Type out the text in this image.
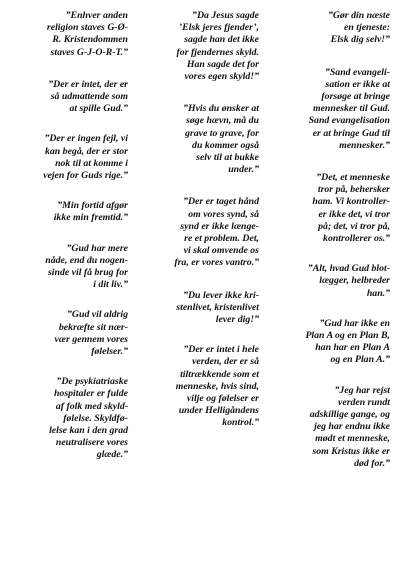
”Enhver anden
religion staves G-Ø-
R. Kristendommen
staves G-J-O-R-T.”

”Der er intet, der er
så udmattende som
at spille Gud.”

”Der er ingen fejl, vi
kan begå, der er stor
nok til at komme i
vejen for Guds rige.”

”Min fortid afgør
ikke min fremtid.”

”Gud har mere
nåde, end du nogen-
sinde vil få brug for
i dit liv.”

”Gud vil aldrig
bekræfte sit nær-
vær gennem vores
følelser.”

”De psykiatriaske
hospitaler er fulde
af folk med skyld-
følelse. Skyldfø-
lelse kan i den grad
neutralisere vores
glæde.”

”Da Jesus sagde
’Elsk jeres fjender’,
sagde han det ikke
for fjendernes skyld.
Han sagde det for
vores egen skyld!”

”Hvis du ønsker at
søge hævn, må du
grave to grave, for
du kommer også
selv til at bukke
under.”

”Der er taget hånd
om vores synd, så
synd er ikke længe-
re et problem. Det,
vi skal omvende os
fra, er vores vantro.”

”Du lever ikke kri-
stenlivet, kristenlivet
lever dig!”

”Der er intet i hele
verden, der er så
tiltrækkende som et
menneske, hvis sind,
vilje og følelser er
under Helligåndens
kontrol.”

”Gør din næste
en tjeneste:
Elsk dig selv!”

”Sand evangeli-
sation er ikke at
forsøge at bringe
mennesker til Gud.
Sand evangelisation
er at bringe Gud til
mennesker.”

”Det, et menneske
tror på, behersker
ham. Vi kontroller-
er ikke det, vi tror
på; det, vi tror på,
kontrollerer os.”

”Alt, hvad Gud blot-
lægger, helbreder
han.”

”Gud har ikke en
Plan A og en Plan B,
han har en Plan A
og en Plan A.”

”Jeg har rejst
verden rundt
adskillige gange, og
jeg har endnu ikke
mødt et menneske,
som Kristus ikke er
død for.”
